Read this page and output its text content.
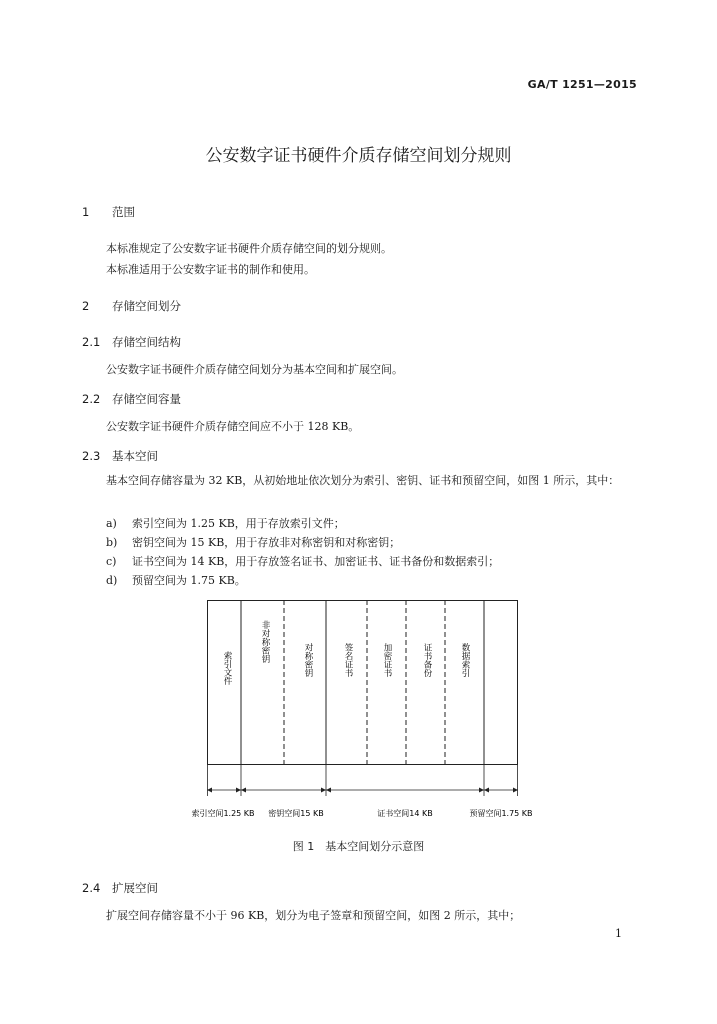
GA/T 1251—2015
公安数字证书硬件介质存储空间划分规则
1 范围
本标准规定了公安数字证书硬件介质存储空间的划分规则。
本标准适用于公安数字证书的制作和使用。
2 存储空间划分
2.1 存储空间结构
公安数字证书硬件介质存储空间划分为基本空间和扩展空间。
2.2 存储空间容量
公安数字证书硬件介质存储空间应不小于 128 KB。
2.3 基本空间
基本空间存储容量为 32 KB，从初始地址依次划分为索引、密钥、证书和预留空间，如图 1 所示，其中：
a) 索引空间为 1.25 KB，用于存放索引文件；
b) 密钥空间为 15 KB，用于存放非对称密钥和对称密钥；
c) 证书空间为 14 KB，用于存放签名证书、加密证书、证书备份和数据索引；
d) 预留空间为 1.75 KB。
索引文件
非对称密钥	对称密钥	签名证书	加密证书	证书备份	数据索引
索引空间1.25 KB 密钥空间15 KB	证书空间14 KB	预留空间1.75 KB
图 1　基本空间划分示意图
2.4 扩展空间
扩展空间存储容量不小于 96 KB，划分为电子签章和预留空间，如图 2 所示，其中；
1
